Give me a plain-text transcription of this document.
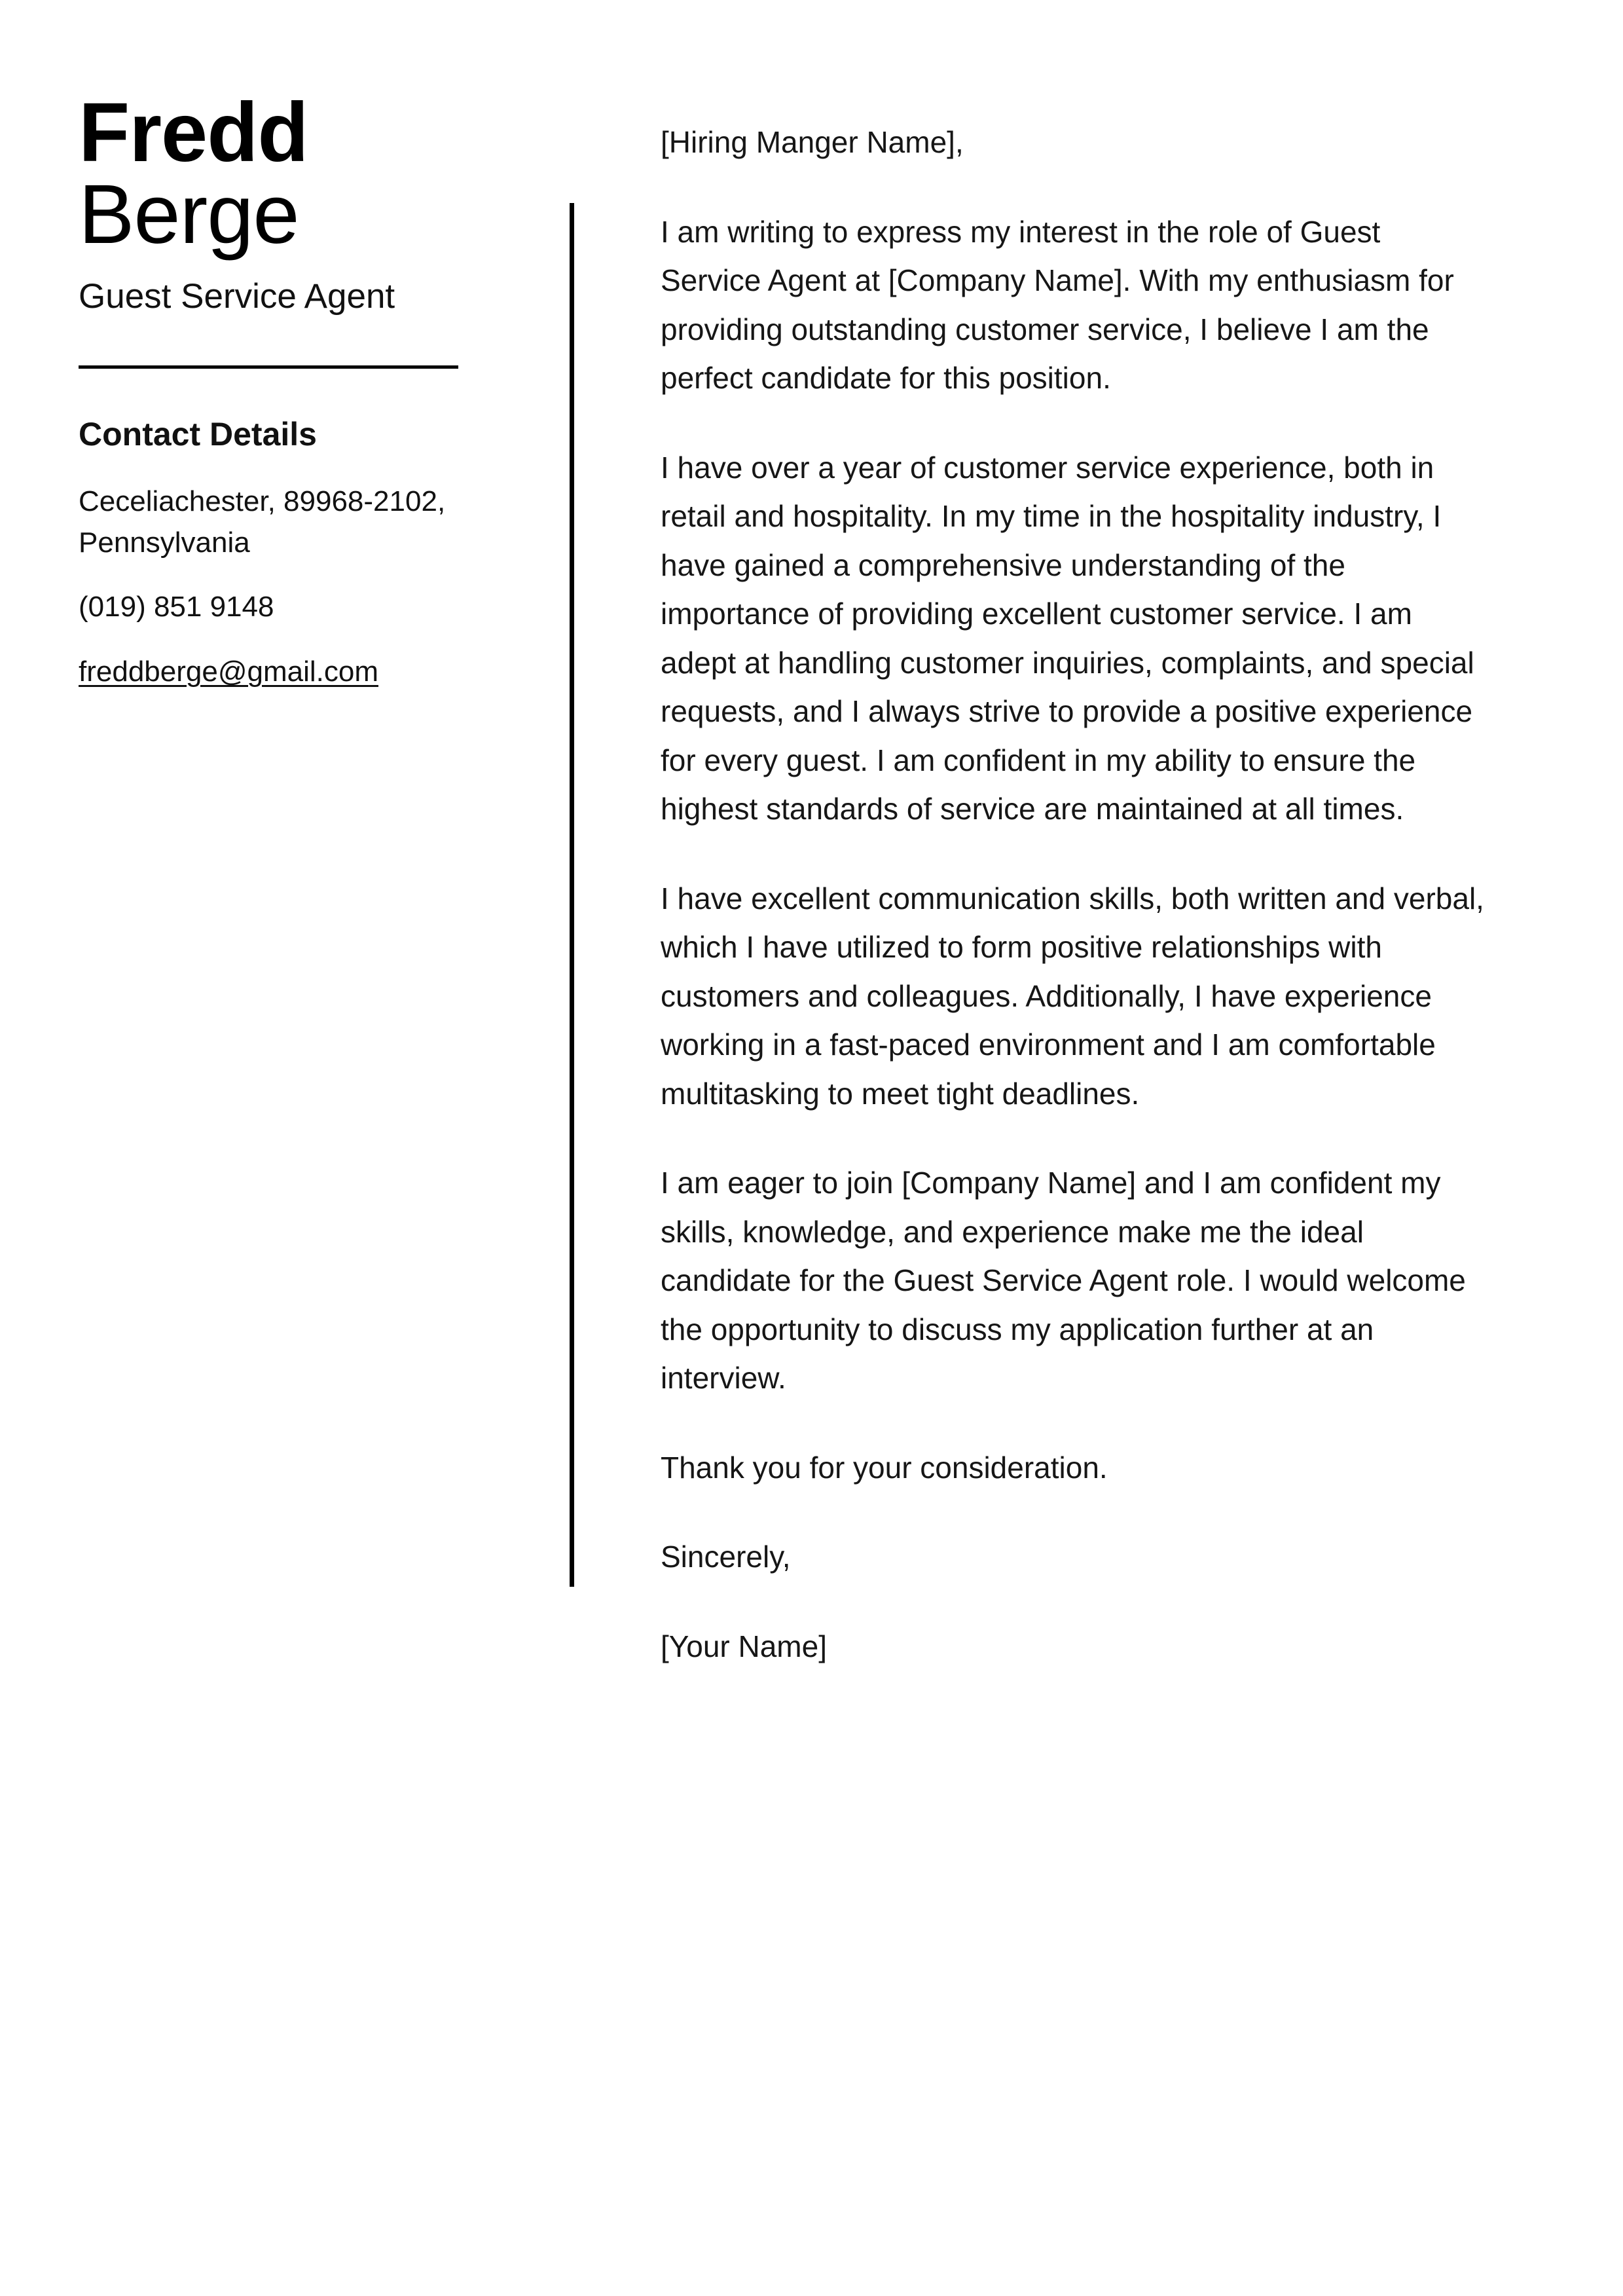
Fredd
Berge
Guest Service Agent
Contact Details
Ceceliachester, 89968-2102, Pennsylvania
(019) 851 9148
freddberge@gmail.com

[Hiring Manger Name],

I am writing to express my interest in the role of Guest Service Agent at [Company Name]. With my enthusiasm for providing outstanding customer service, I believe I am the perfect candidate for this position.

I have over a year of customer service experience, both in retail and hospitality. In my time in the hospitality industry, I have gained a comprehensive understanding of the importance of providing excellent customer service. I am adept at handling customer inquiries, complaints, and special requests, and I always strive to provide a positive experience for every guest. I am confident in my ability to ensure the highest standards of service are maintained at all times.

I have excellent communication skills, both written and verbal, which I have utilized to form positive relationships with customers and colleagues. Additionally, I have experience working in a fast-paced environment and I am comfortable multitasking to meet tight deadlines.

I am eager to join [Company Name] and I am confident my skills, knowledge, and experience make me the ideal candidate for the Guest Service Agent role. I would welcome the opportunity to discuss my application further at an interview.

Thank you for your consideration.

Sincerely,

[Your Name]
